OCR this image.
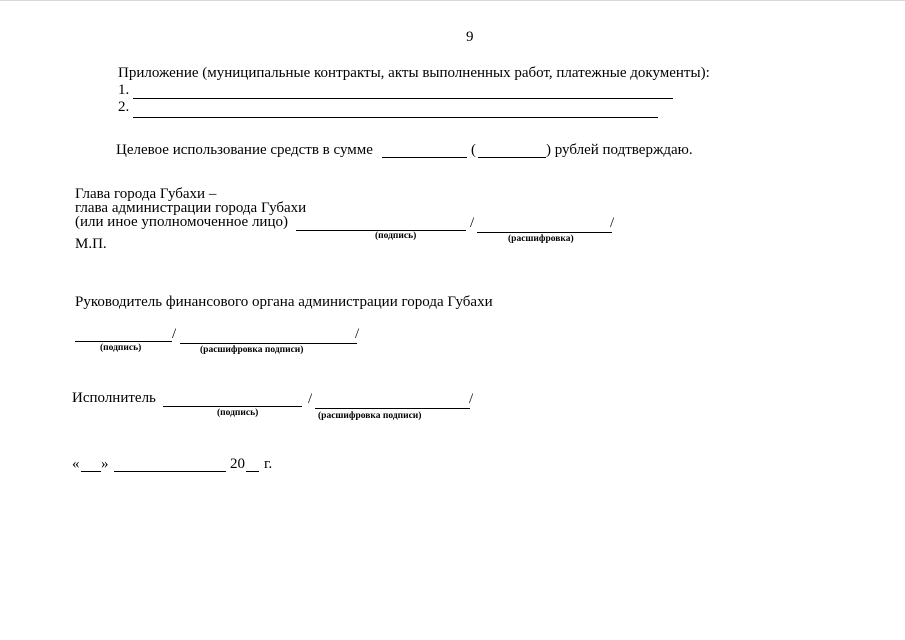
9
Приложение (муниципальные контракты, акты выполненных работ, платежные документы):
1.
2.
Целевое использование средств в сумме	(	) рублей подтверждаю.
Глава города Губахи –
глава администрации города Губахи
(или иное уполномоченное лицо)	/	/
(подпись)	(расшифровка)
М.П.
Руководитель финансового органа администрации города Губахи
/	/
(подпись)	(расшифровка подписи)
Исполнитель	/	/
(подпись)	(расшифровка подписи)
« »	20 г.
